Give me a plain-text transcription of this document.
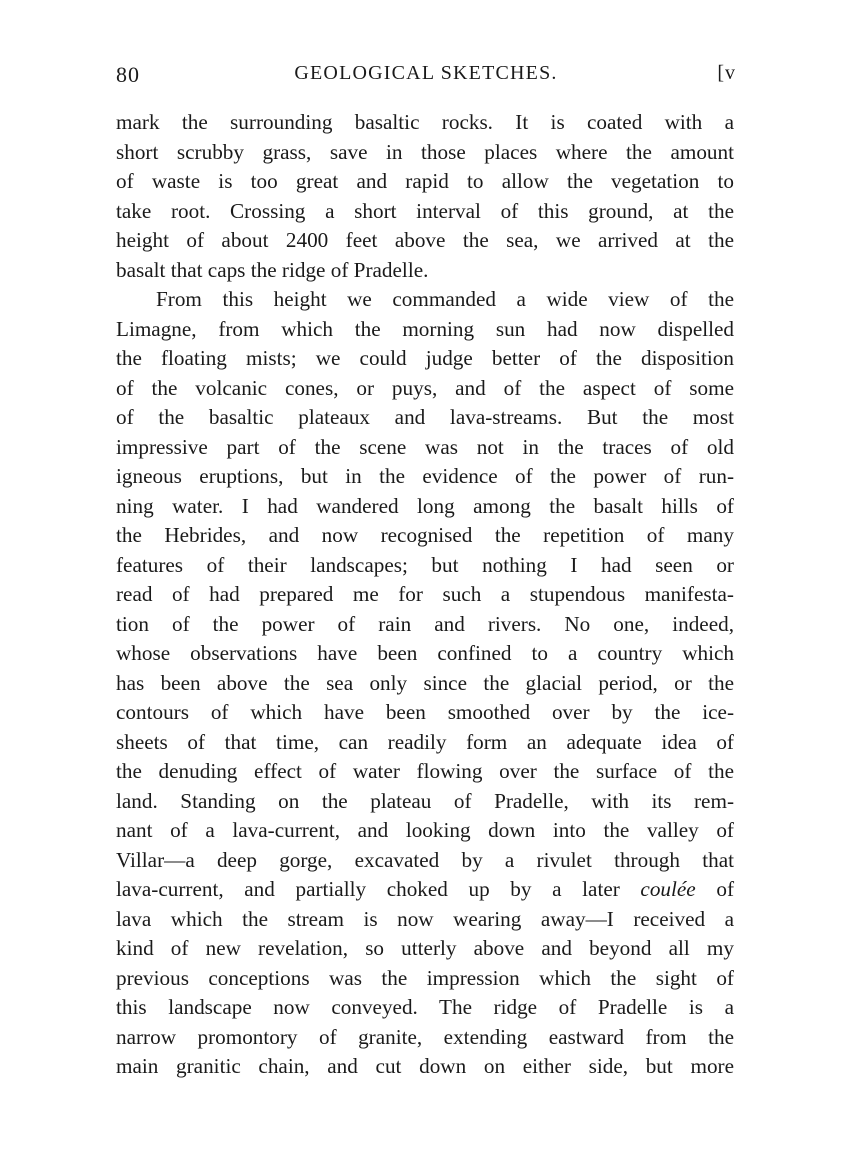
80	GEOLOGICAL SKETCHES.	[v
mark the surrounding basaltic rocks. It is coated with a
short scrubby grass, save in those places where the amount
of waste is too great and rapid to allow the vegetation to
take root. Crossing a short interval of this ground, at the
height of about 2400 feet above the sea, we arrived at the
basalt that caps the ridge of Pradelle.
From this height we commanded a wide view of the
Limagne, from which the morning sun had now dispelled
the floating mists; we could judge better of the disposition
of the volcanic cones, or puys, and of the aspect of some
of the basaltic plateaux and lava-streams. But the most
impressive part of the scene was not in the traces of old
igneous eruptions, but in the evidence of the power of run-
ning water. I had wandered long among the basalt hills of
the Hebrides, and now recognised the repetition of many
features of their landscapes; but nothing I had seen or
read of had prepared me for such a stupendous manifesta-
tion of the power of rain and rivers. No one, indeed,
whose observations have been confined to a country which
has been above the sea only since the glacial period, or the
contours of which have been smoothed over by the ice-
sheets of that time, can readily form an adequate idea of
the denuding effect of water flowing over the surface of the
land. Standing on the plateau of Pradelle, with its rem-
nant of a lava-current, and looking down into the valley of
Villar—a deep gorge, excavated by a rivulet through that
lava-current, and partially choked up by a later coulée of
lava which the stream is now wearing away—I received a
kind of new revelation, so utterly above and beyond all my
previous conceptions was the impression which the sight of
this landscape now conveyed. The ridge of Pradelle is a
narrow promontory of granite, extending eastward from the
main granitic chain, and cut down on either side, but more
